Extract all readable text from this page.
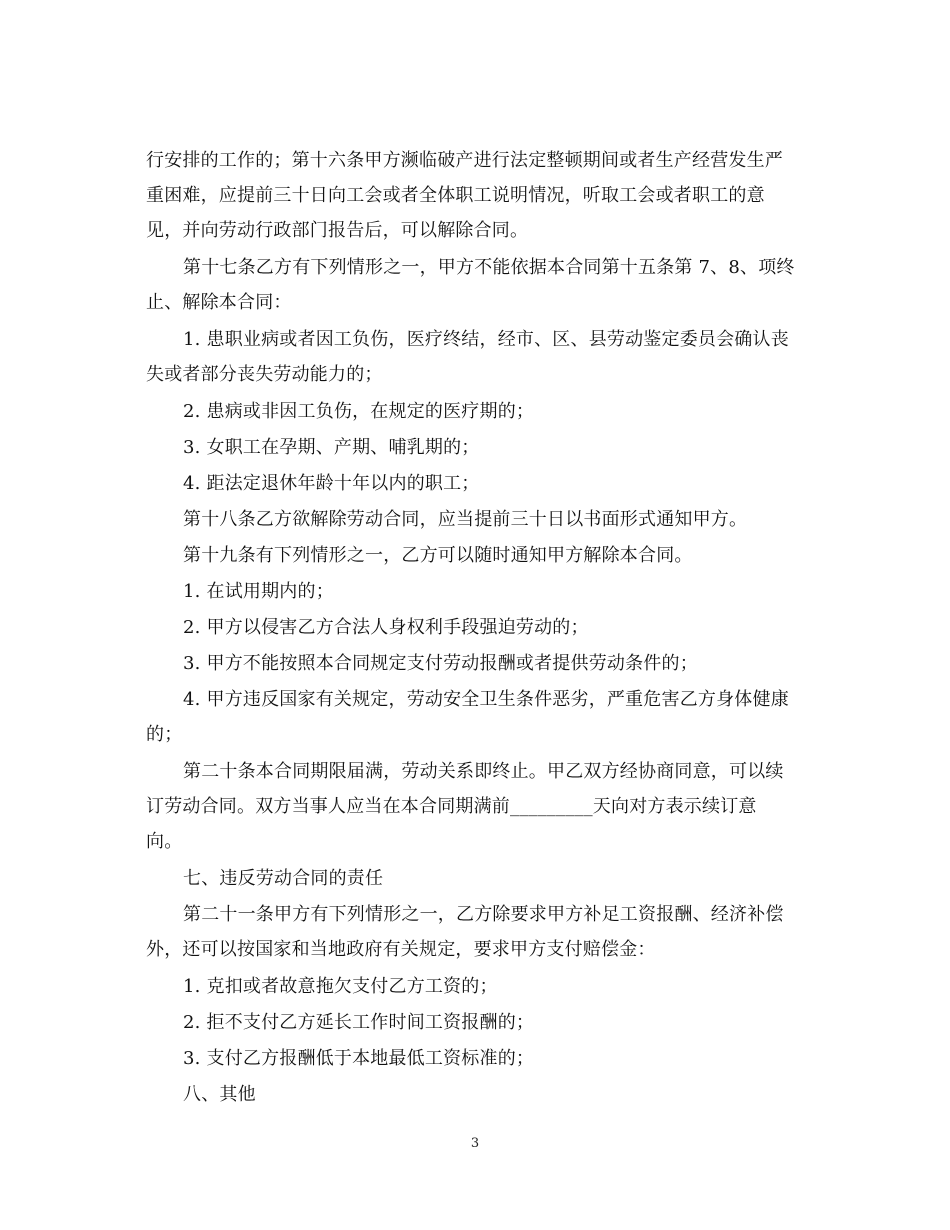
行安排的工作的；第十六条甲方濒临破产进行法定整顿期间或者生产经营发生严
重困难，应提前三十日向工会或者全体职工说明情况，听取工会或者职工的意
见，并向劳动行政部门报告后，可以解除合同。
第十七条乙方有下列情形之一，甲方不能依据本合同第十五条第 7、8、项终
止、解除本合同：
1. 患职业病或者因工负伤，医疗终结，经市、区、县劳动鉴定委员会确认丧
失或者部分丧失劳动能力的；
2. 患病或非因工负伤，在规定的医疗期的；
3. 女职工在孕期、产期、哺乳期的；
4. 距法定退休年龄十年以内的职工；
第十八条乙方欲解除劳动合同，应当提前三十日以书面形式通知甲方。
第十九条有下列情形之一，乙方可以随时通知甲方解除本合同。
1. 在试用期内的；
2. 甲方以侵害乙方合法人身权利手段强迫劳动的；
3. 甲方不能按照本合同规定支付劳动报酬或者提供劳动条件的；
4. 甲方违反国家有关规定，劳动安全卫生条件恶劣，严重危害乙方身体健康
的；
第二十条本合同期限届满，劳动关系即终止。甲乙双方经协商同意，可以续
订劳动合同。双方当事人应当在本合同期满前_________天向对方表示续订意
向。
七、违反劳动合同的责任
第二十一条甲方有下列情形之一，乙方除要求甲方补足工资报酬、经济补偿
外，还可以按国家和当地政府有关规定，要求甲方支付赔偿金：
1. 克扣或者故意拖欠支付乙方工资的；
2. 拒不支付乙方延长工作时间工资报酬的；
3. 支付乙方报酬低于本地最低工资标准的；
八、其他
3
